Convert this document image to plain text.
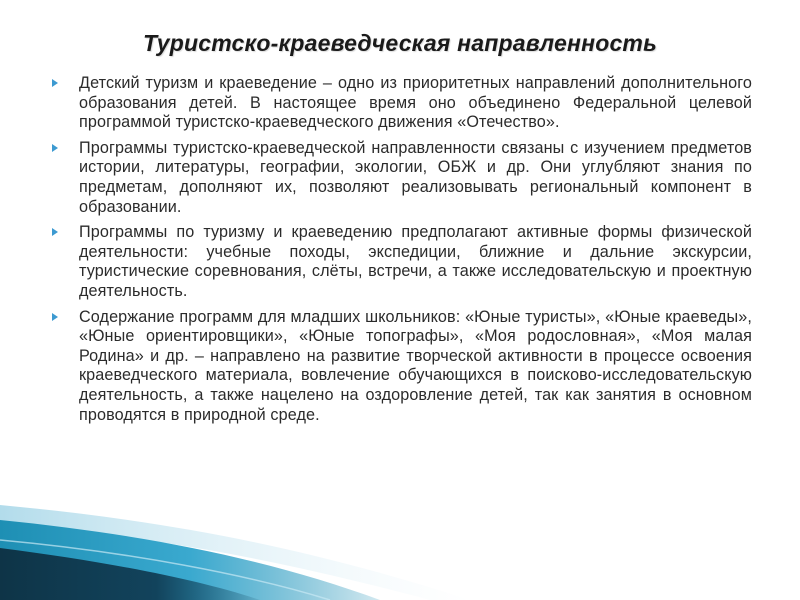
Туристско-краеведческая направленность
Детский туризм и краеведение – одно из приоритетных направлений дополнительного образования детей. В настоящее время оно объединено Федеральной целевой программой туристско-краеведческого движения «Отечество».
Программы туристско-краеведческой направленности связаны с изучением предметов истории, литературы, географии, экологии, ОБЖ и др. Они углубляют знания по предметам, дополняют их, позволяют реализовывать региональный компонент в образовании.
Программы по туризму и краеведению предполагают активные формы физической деятельности: учебные походы, экспедиции, ближние и дальние экскурсии, туристические соревнования, слёты, встречи, а также исследовательскую и проектную деятельность.
Содержание программ для младших школьников: «Юные туристы», «Юные краеведы», «Юные ориентировщики», «Юные топографы», «Моя родословная», «Моя малая Родина» и др. – направлено на развитие творческой активности в процессе освоения краеведческого материала, вовлечение обучающихся в поисково-исследовательскую деятельность, а также нацелено на оздоровление детей, так как занятия в основном проводятся в природной среде.
